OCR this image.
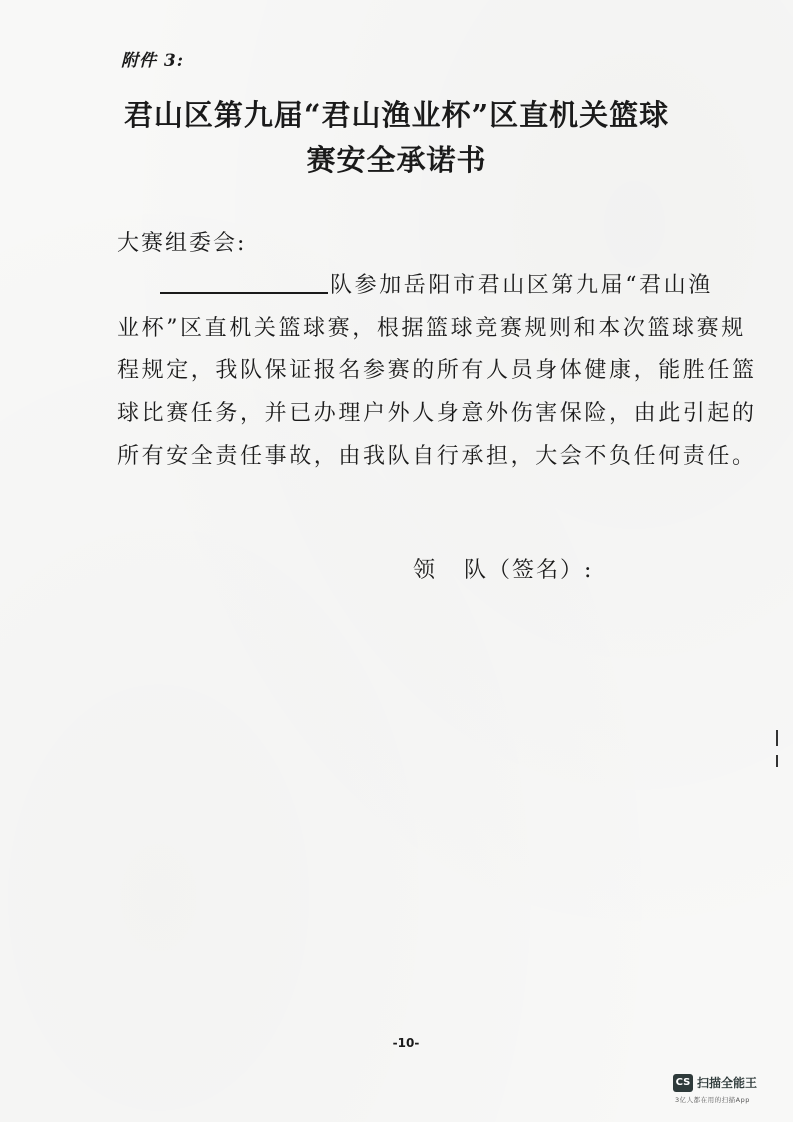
附件 3:
君山区第九届“君山渔业杯”区直机关篮球
赛安全承诺书
大赛组委会:
队参加岳阳市君山区第九届“君山渔
业杯”区直机关篮球赛，根据篮球竞赛规则和本次篮球赛规
程规定，我队保证报名参赛的所有人员身体健康，能胜任篮
球比赛任务，并已办理户外人身意外伤害保险，由此引起的
所有安全责任事故，由我队自行承担，大会不负任何责任。
领   队（签名）:
-10-
CS 扫描全能王
3亿人都在用的扫描App
